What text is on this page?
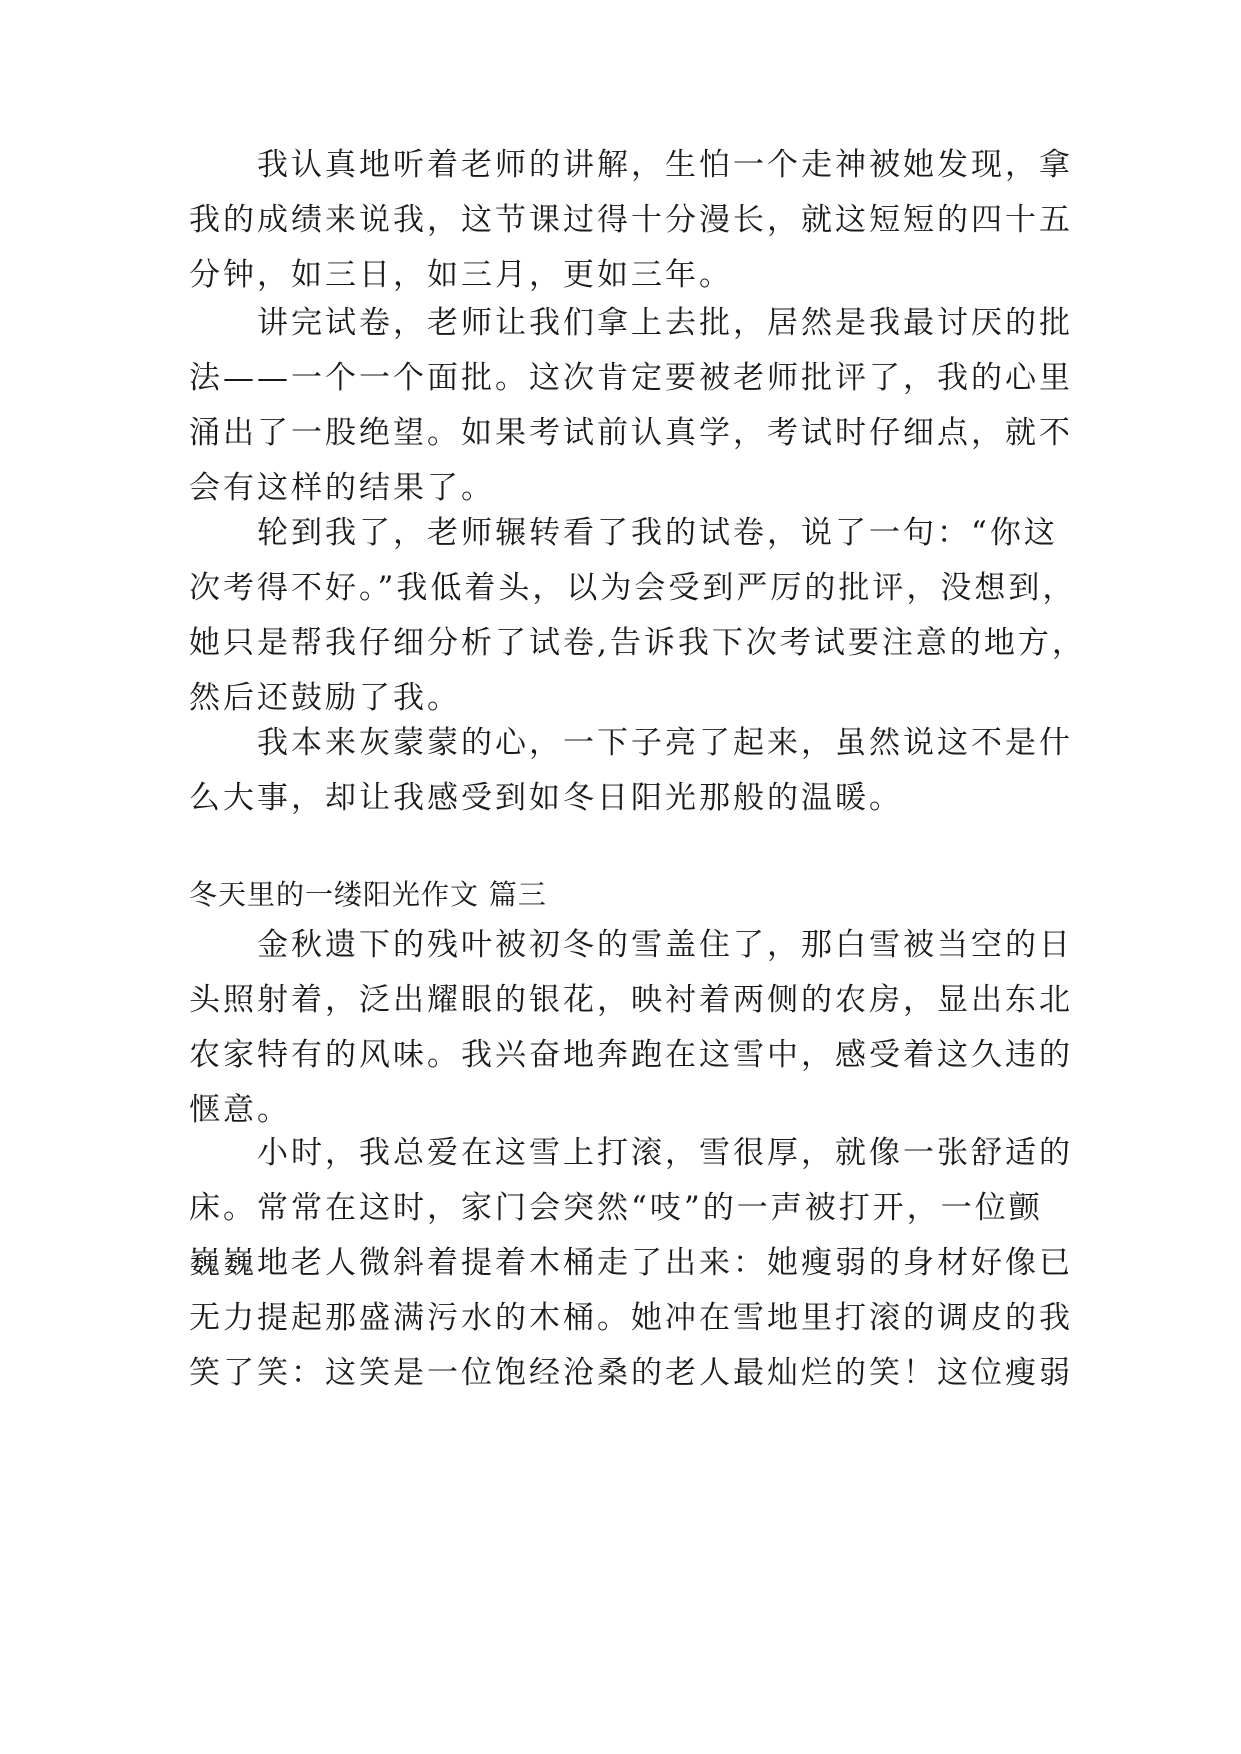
我认真地听着老师的讲解，生怕一个走神被她发现，拿
我的成绩来说我，这节课过得十分漫长，就这短短的四十五
分钟，如三日，如三月，更如三年。
讲完试卷，老师让我们拿上去批，居然是我最讨厌的批
法——一个一个面批。这次肯定要被老师批评了，我的心里
涌出了一股绝望。如果考试前认真学，考试时仔细点，就不
会有这样的结果了。
轮到我了，老师辗转看了我的试卷，说了一句：“你这
次考得不好。”我低着头，以为会受到严厉的批评，没想到，
她只是帮我仔细分析了试卷,告诉我下次考试要注意的地方，
然后还鼓励了我。
我本来灰蒙蒙的心，一下子亮了起来，虽然说这不是什
么大事，却让我感受到如冬日阳光那般的温暖。
冬天里的一缕阳光作文 篇三
金秋遗下的残叶被初冬的雪盖住了，那白雪被当空的日
头照射着，泛出耀眼的银花，映衬着两侧的农房，显出东北
农家特有的风味。我兴奋地奔跑在这雪中，感受着这久违的
惬意。
小时，我总爱在这雪上打滚，雪很厚，就像一张舒适的
床。常常在这时，家门会突然“吱”的一声被打开，一位颤
巍巍地老人微斜着提着木桶走了出来：她瘦弱的身材好像已
无力提起那盛满污水的木桶。她冲在雪地里打滚的调皮的我
笑了笑：这笑是一位饱经沧桑的老人最灿烂的笑！这位瘦弱
